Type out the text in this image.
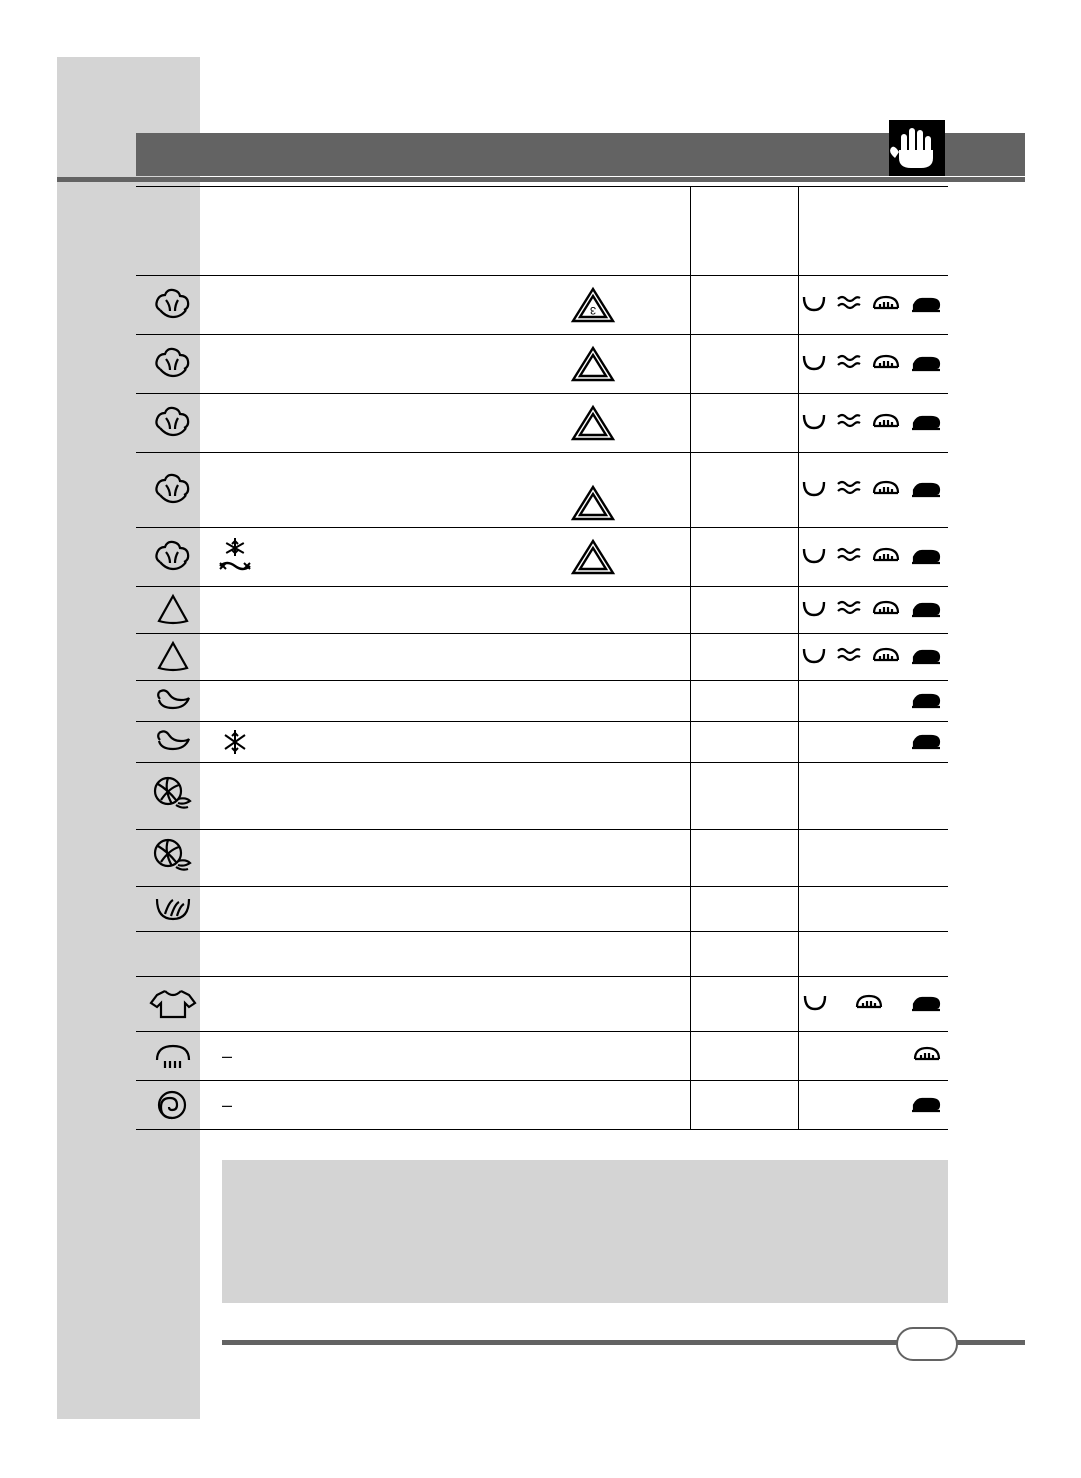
3

–

–
